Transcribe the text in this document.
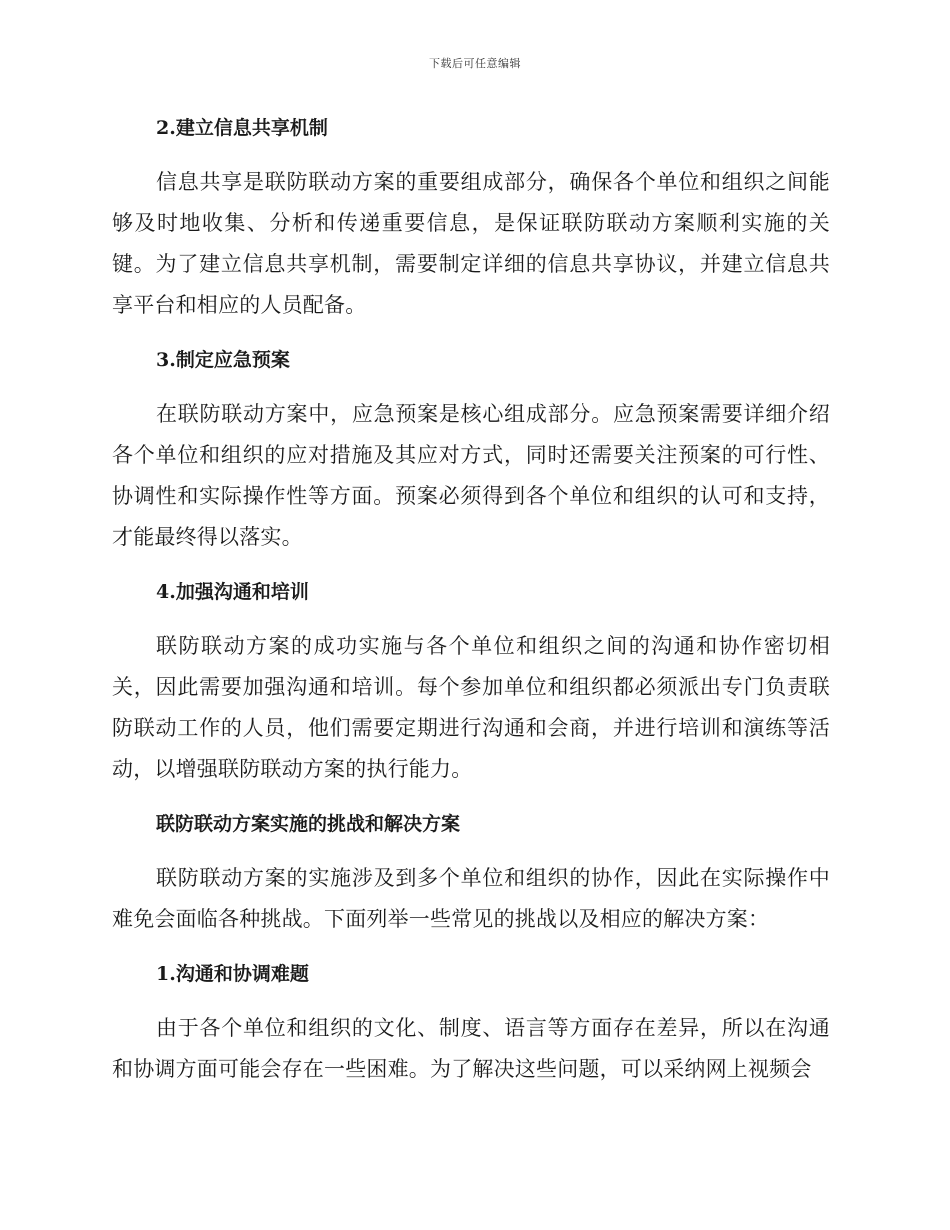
下载后可任意编辑
2.建立信息共享机制

信息共享是联防联动方案的重要组成部分，确保各个单位和组织之间能够及时地收集、分析和传递重要信息，是保证联防联动方案顺利实施的关键。为了建立信息共享机制，需要制定详细的信息共享协议，并建立信息共享平台和相应的人员配备。

3.制定应急预案

在联防联动方案中，应急预案是核心组成部分。应急预案需要详细介绍各个单位和组织的应对措施及其应对方式，同时还需要关注预案的可行性、协调性和实际操作性等方面。预案必须得到各个单位和组织的认可和支持，才能最终得以落实。

4.加强沟通和培训

联防联动方案的成功实施与各个单位和组织之间的沟通和协作密切相关，因此需要加强沟通和培训。每个参加单位和组织都必须派出专门负责联防联动工作的人员，他们需要定期进行沟通和会商，并进行培训和演练等活动，以增强联防联动方案的执行能力。

联防联动方案实施的挑战和解决方案

联防联动方案的实施涉及到多个单位和组织的协作，因此在实际操作中难免会面临各种挑战。下面列举一些常见的挑战以及相应的解决方案：

1.沟通和协调难题

由于各个单位和组织的文化、制度、语言等方面存在差异，所以在沟通和协调方面可能会存在一些困难。为了解决这些问题，可以采纳网上视频会
